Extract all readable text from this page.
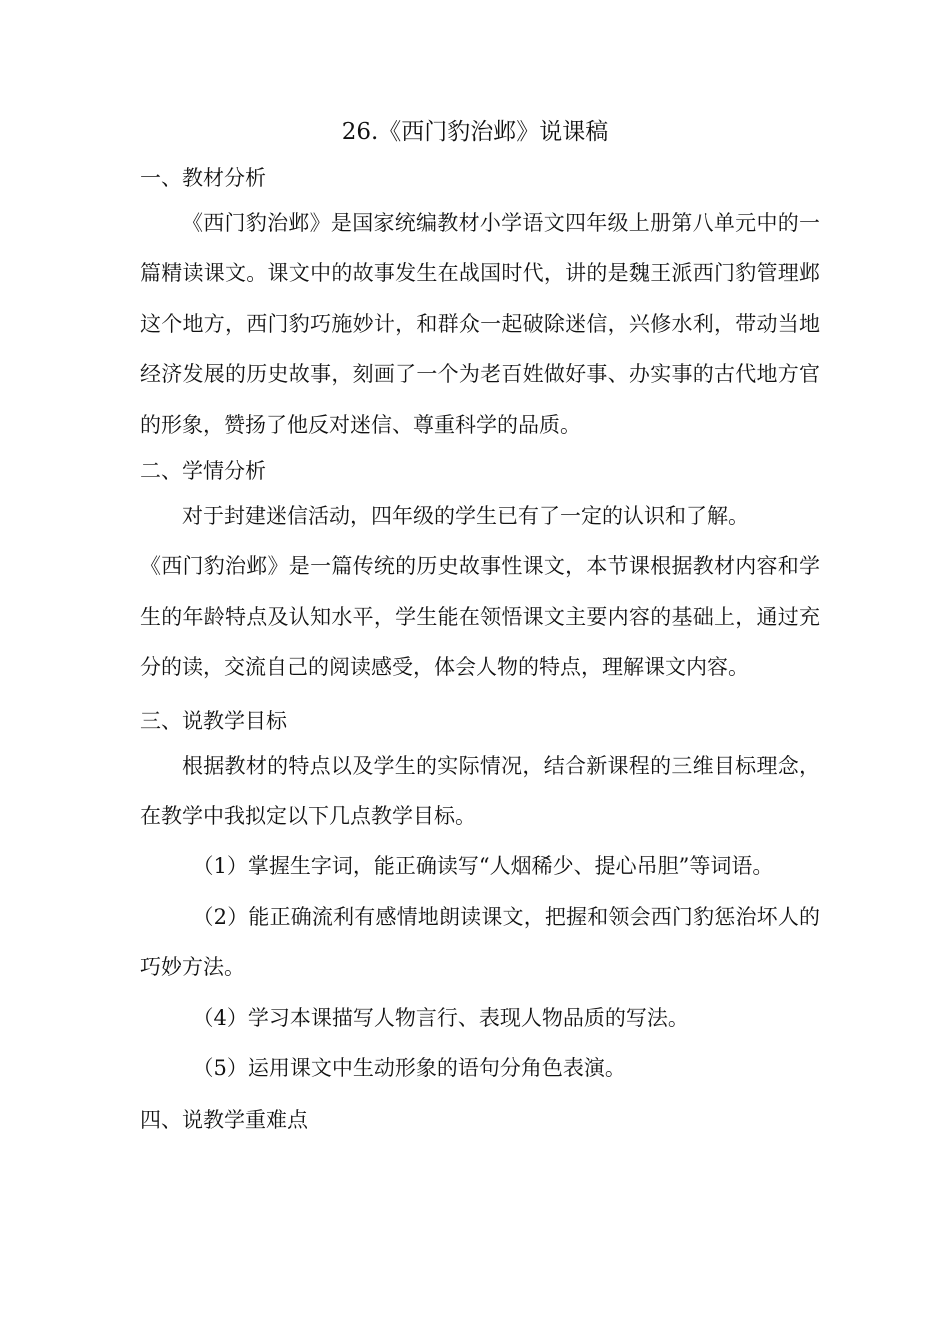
26.《西门豹治邺》说课稿
一、教材分析

《西门豹治邺》是国家统编教材小学语文四年级上册第八单元中的一篇精读课文。课文中的故事发生在战国时代，讲的是魏王派西门豹管理邺这个地方，西门豹巧施妙计，和群众一起破除迷信，兴修水利，带动当地经济发展的历史故事，刻画了一个为老百姓做好事、办实事的古代地方官的形象，赞扬了他反对迷信、尊重科学的品质。

二、学情分析

对于封建迷信活动，四年级的学生已有了一定的认识和了解。

《西门豹治邺》是一篇传统的历史故事性课文，本节课根据教材内容和学生的年龄特点及认知水平，学生能在领悟课文主要内容的基础上，通过充分的读，交流自己的阅读感受，体会人物的特点，理解课文内容。

三、说教学目标

根据教材的特点以及学生的实际情况，结合新课程的三维目标理念，在教学中我拟定以下几点教学目标。

（1）掌握生字词，能正确读写“人烟稀少、提心吊胆”等词语。

（2）能正确流利有感情地朗读课文，把握和领会西门豹惩治坏人的巧妙方法。

（4）学习本课描写人物言行、表现人物品质的写法。

（5）运用课文中生动形象的语句分角色表演。

四、说教学重难点
